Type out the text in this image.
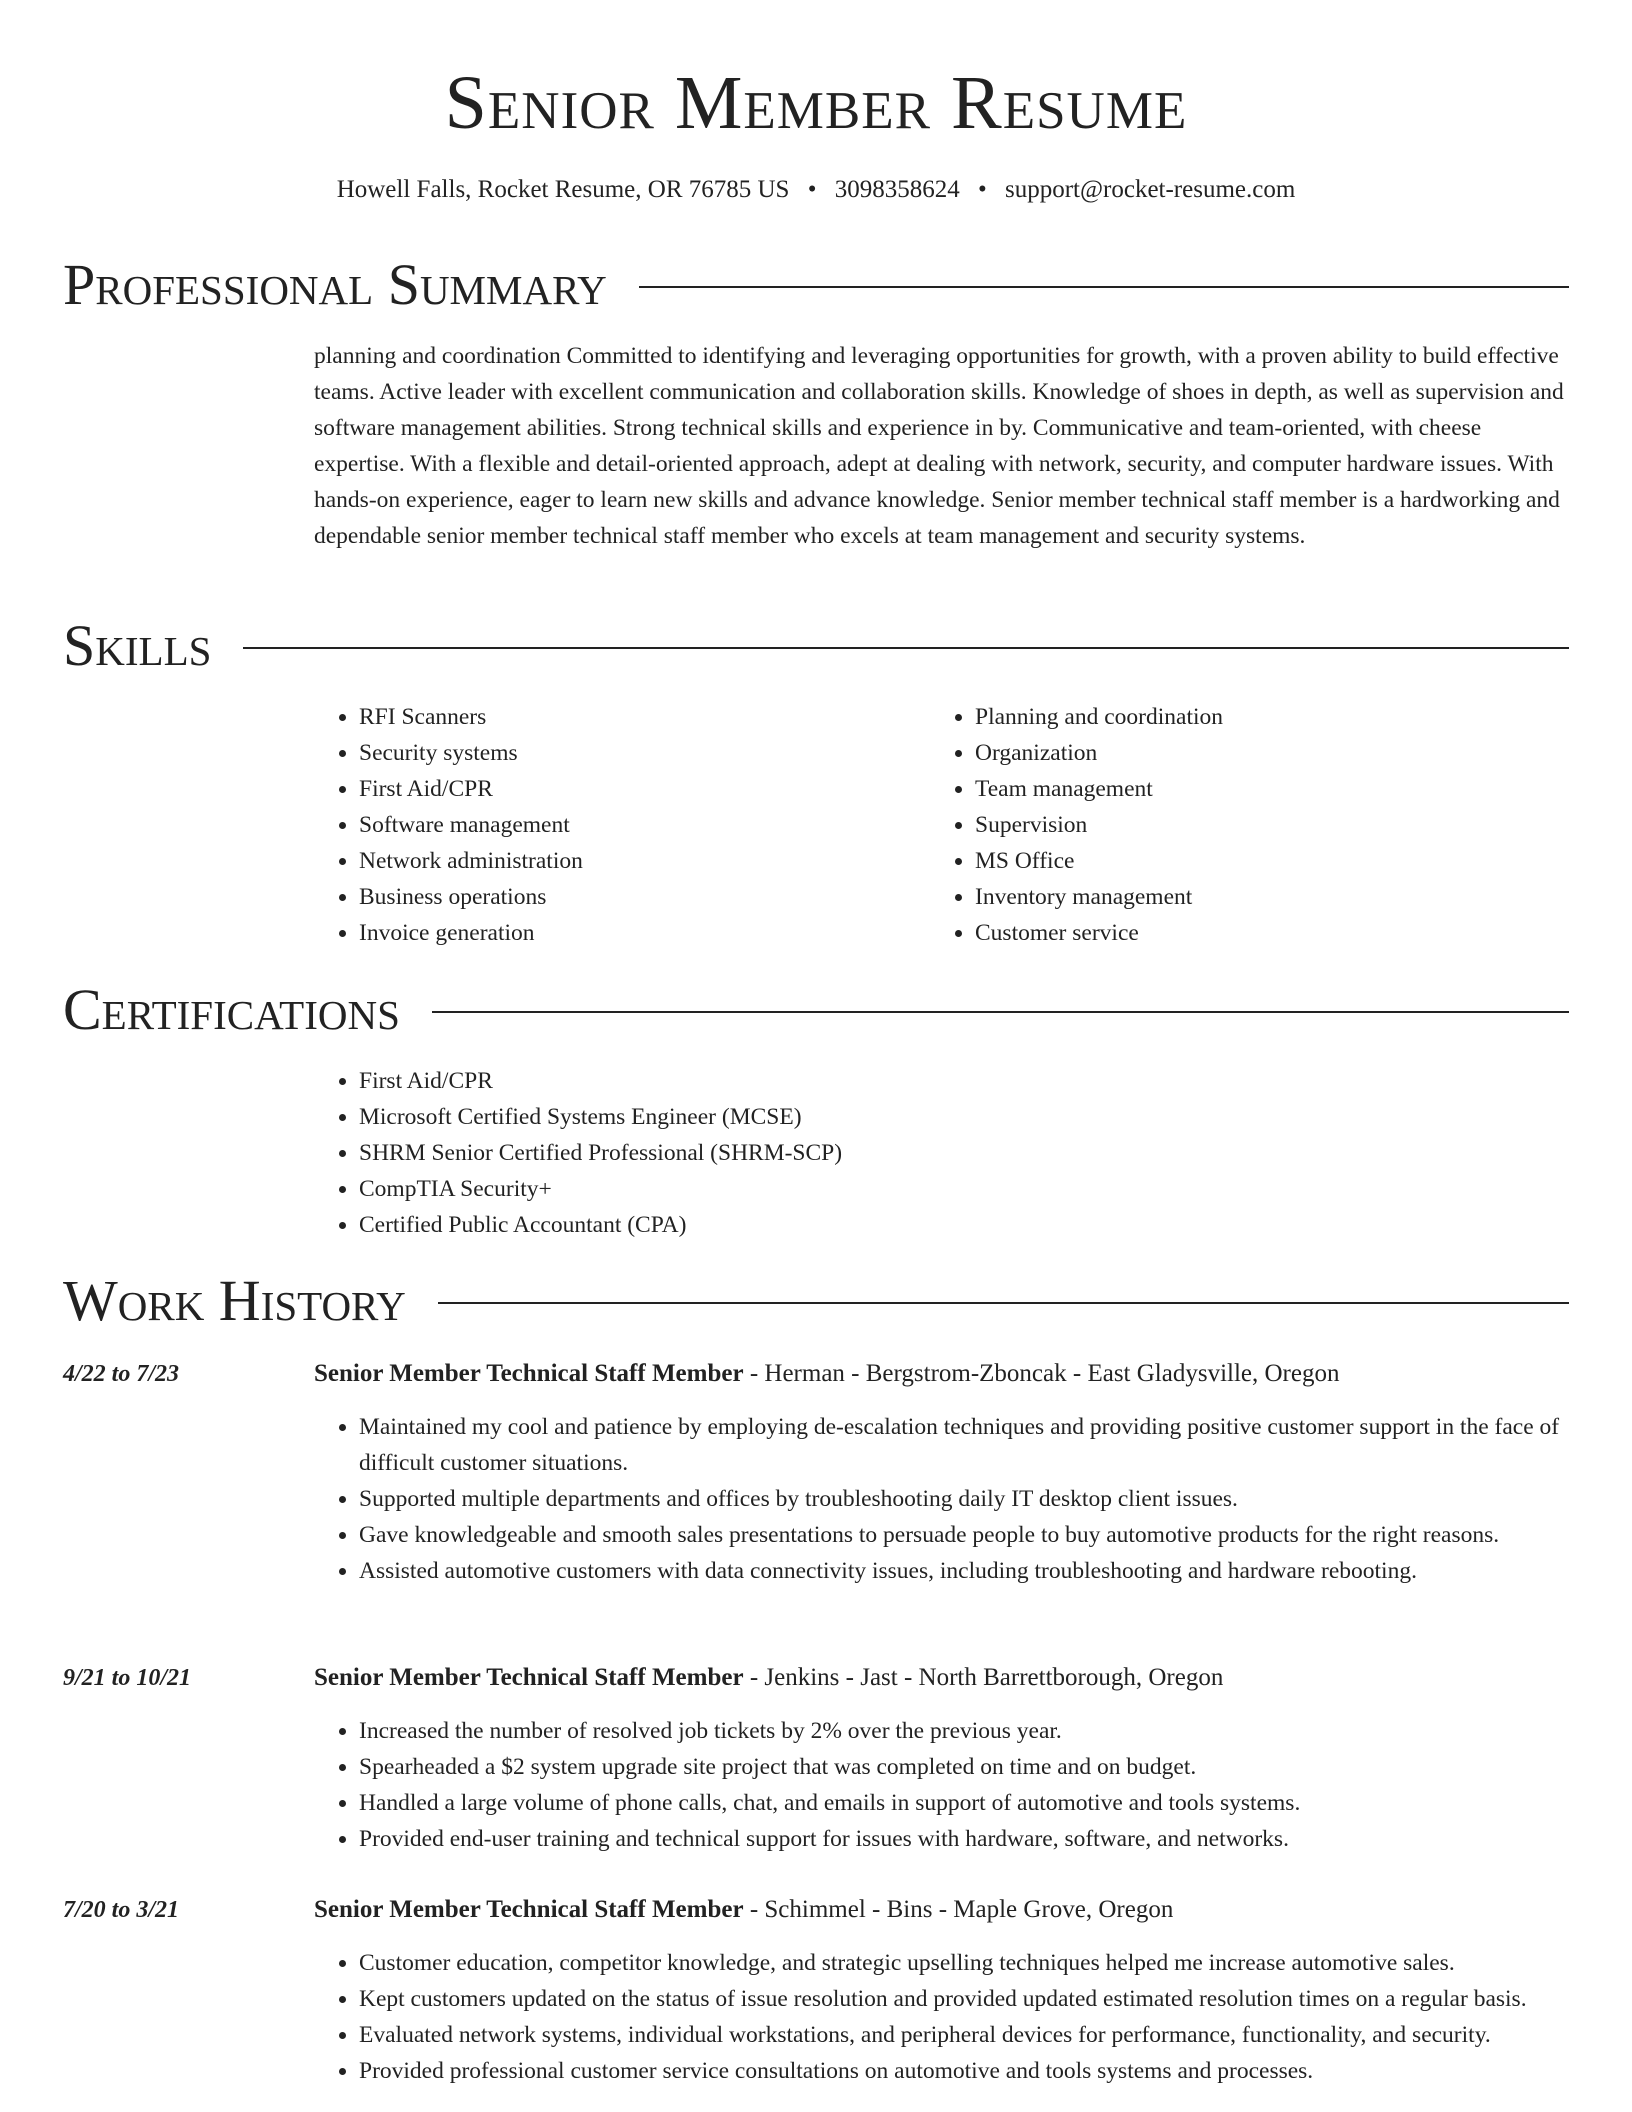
Senior Member Resume
Howell Falls, Rocket Resume, OR 76785 US • 3098358624 • support@rocket-resume.com
Professional Summary

planning and coordination Committed to identifying and leveraging opportunities for growth, with a proven ability to build effective teams. Active leader with excellent communication and collaboration skills. Knowledge of shoes in depth, as well as supervision and software management abilities. Strong technical skills and experience in by. Communicative and team-oriented, with cheese expertise. With a flexible and detail-oriented approach, adept at dealing with network, security, and computer hardware issues. With hands-on experience, eager to learn new skills and advance knowledge. Senior member technical staff member is a hardworking and dependable senior member technical staff member who excels at team management and security systems.

Skills
• RFI Scanners
• Security systems
• First Aid/CPR
• Software management
• Network administration
• Business operations
• Invoice generation
• Planning and coordination
• Organization
• Team management
• Supervision
• MS Office
• Inventory management
• Customer service
Certifications
• First Aid/CPR
• Microsoft Certified Systems Engineer (MCSE)
• SHRM Senior Certified Professional (SHRM-SCP)
• CompTIA Security+
• Certified Public Accountant (CPA)
Work History
4/22 to 7/23	Senior Member Technical Staff Member - Herman - Bergstrom-Zboncak - East Gladysville, Oregon
• Maintained my cool and patience by employing de-escalation techniques and providing positive customer support in the face of difficult customer situations.
• Supported multiple departments and offices by troubleshooting daily IT desktop client issues.
• Gave knowledgeable and smooth sales presentations to persuade people to buy automotive products for the right reasons.
• Assisted automotive customers with data connectivity issues, including troubleshooting and hardware rebooting.
9/21 to 10/21	Senior Member Technical Staff Member - Jenkins - Jast - North Barrettborough, Oregon
• Increased the number of resolved job tickets by 2% over the previous year.
• Spearheaded a $2 system upgrade site project that was completed on time and on budget.
• Handled a large volume of phone calls, chat, and emails in support of automotive and tools systems.
• Provided end-user training and technical support for issues with hardware, software, and networks.
7/20 to 3/21	Senior Member Technical Staff Member - Schimmel - Bins - Maple Grove, Oregon
• Customer education, competitor knowledge, and strategic upselling techniques helped me increase automotive sales.
• Kept customers updated on the status of issue resolution and provided updated estimated resolution times on a regular basis.
• Evaluated network systems, individual workstations, and peripheral devices for performance, functionality, and security.
• Provided professional customer service consultations on automotive and tools systems and processes.
